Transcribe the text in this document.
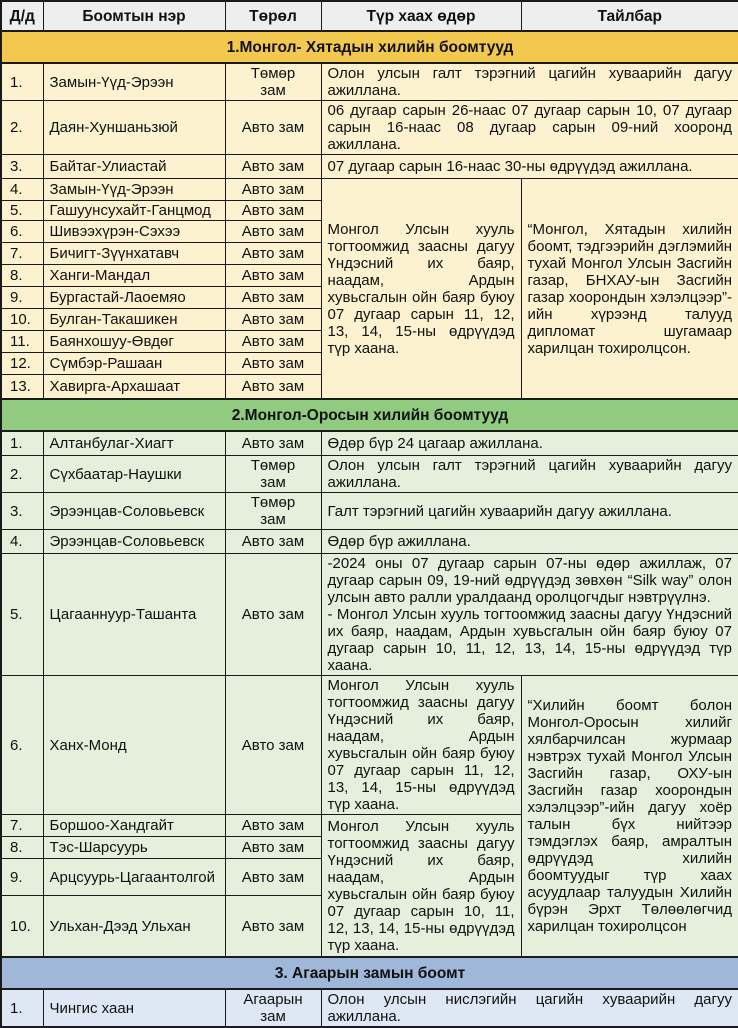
Д/д	Боомтын нэр	Төрөл	Түр хаах өдөр	Тайлбар
1.Монгол- Хятадын хилийн боомтууд				
1.	Замын-Үүд-Эрээн	Төмөр зам	Олон улсын галт тэрэгний цагийн хуваарийн дагуу ажиллана.	
2.	Даян-Хуншаньзюй	Авто зам	06 дугаар сарын 26-наас 07 дугаар сарын 10, 07 дугаар сарын 16-наас 08 дугаар сарын 09-ний хооронд ажиллана.	
3.	Байтаг-Улиастай	Авто зам	07 дугаар сарын 16-наас 30-ны өдрүүдэд ажиллана.	
4.	Замын-Үүд-Эрээн	Авто зам	Монгол Улсын хууль тогтоомжид заасны дагуу Үндэсний их баяр, наадам, Ардын хувьсгалын ойн баяр буюу 07 дугаар сарын 11, 12, 13, 14, 15-ны өдрүүдэд түр хаана.	“Монгол, Хятадын хилийн боомт, тэдгээрийн дэглэмийн тухай Монгол Улсын Засгийн газар, БНХАУ-ын Засгийн газар хоорондын хэлэлцээр”-ийн хүрээнд талууд дипломат шугамаар харилцан тохиролцсон.
5.	Гашуунсухайт-Ганцмод	Авто зам		
6.	Шивээхүрэн-Сэхээ	Авто зам		
7.	Бичигт-Зүүнхатавч	Авто зам		
8.	Ханги-Мандал	Авто зам		
9.	Бургастай-Лаоемяо	Авто зам		
10.	Булган-Такашикен	Авто зам		
11.	Баянхошуу-Өвдөг	Авто зам		
12.	Сүмбэр-Рашаан	Авто зам		
13.	Хавирга-Архашаат	Авто зам		
2.Монгол-Оросын хилийн боомтууд				
1.	Алтанбулаг-Хиагт	Авто зам	Өдөр бүр 24 цагаар ажиллана.	
2.	Сүхбаатар-Наушки	Төмөр зам	Олон улсын галт тэрэгний цагийн хуваарийн дагуу ажиллана.	
3.	Эрээнцав-Соловьевск	Төмөр зам	Галт тэрэгний цагийн хуваарийн дагуу ажиллана.	
4.	Эрээнцав-Соловьевск	Авто зам	Өдөр бүр ажиллана.	
5.	Цагааннуур-Ташанта	Авто зам	-2024 оны 07 дугаар сарын 07-ны өдөр ажиллаж, 07 дугаар сарын 09, 19-ний өдрүүдэд зөвхөн “Silk way” олон улсын авто ралли уралдаанд оролцогчдыг нэвтрүүлнэ.
- Монгол Улсын хууль тогтоомжид заасны дагуу Үндэсний их баяр, наадам, Ардын хувьсгалын ойн баяр буюу 07 дугаар сарын 10, 11, 12, 13, 14, 15-ны өдрүүдэд түр хаана.	

6.	Ханх-Монд	Авто зам	Монгол Улсын хууль тогтоомжид заасны дагуу Үндэсний их баяр, наадам, Ардын хувьсгалын ойн баяр буюу 07 дугаар сарын 11, 12, 13, 14, 15-ны өдрүүдэд түр хаана.	“Хилийн боомт болон Монгол-Оросын хилийг хялбарчилсан журмаар нэвтрэх тухай Монгол Улсын Засгийн газар, ОХУ-ын Засгийн газар хоорондын хэлэлцээр”-ийн дагуу хоёр талын бүх нийтээр тэмдэглэх баяр, амралтын өдрүүдэд хилийн боомтуудыг түр хаах асуудлаар талуудын Хилийн бүрэн Эрхт Төлөөлөгчид харилцан тохиролцсон
7.	Боршоо-Хандгайт	Авто зам	Монгол Улсын хууль тогтоомжид заасны дагуу Үндэсний их баяр, наадам, Ардын хувьсгалын ойн баяр буюу 07 дугаар сарын 10, 11, 12, 13, 14, 15-ны өдрүүдэд түр хаана.	
8.	Тэс-Шарсуурь	Авто зам		
9.	Арцсуурь-Цагаантолгой	Авто зам		
10.	Ульхан-Дээд Ульхан	Авто зам		
3. Агаарын замын боомт				
1.	Чингис хаан	Агаарын зам	Олон улсын нислэгийн цагийн хуваарийн дагуу ажиллана.	
